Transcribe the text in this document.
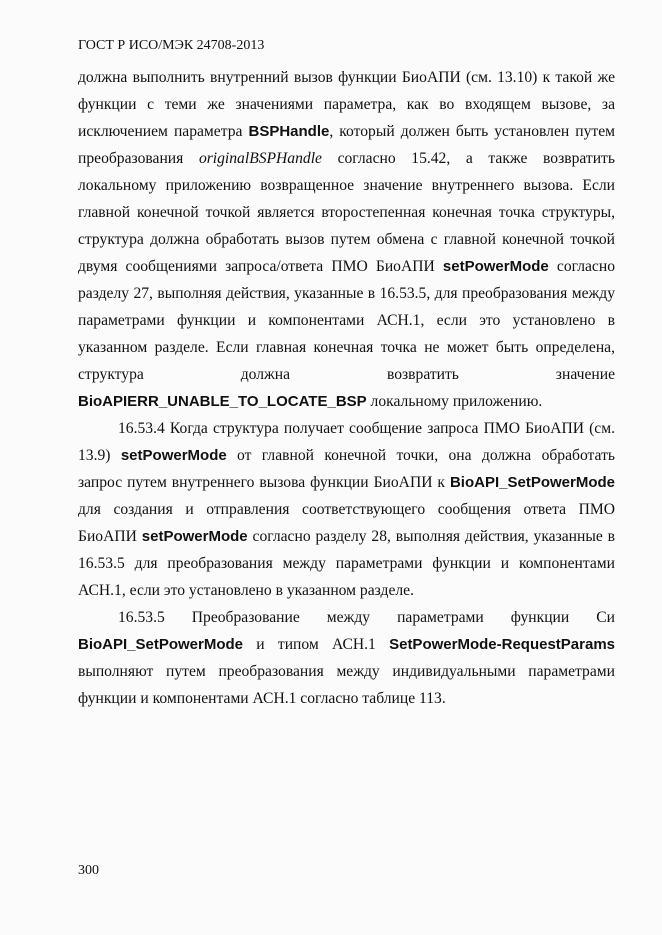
ГОСТ Р ИСО/МЭК 24708-2013
должна выполнить внутренний вызов функции БиоАПИ (см. 13.10) к такой же
функции с теми же значениями параметра, как во входящем вызове, за
исключением параметра BSPHandle, который должен быть установлен путем
преобразования originalBSPHandle согласно 15.42, а также возвратить
локальному приложению возвращенное значение внутреннего вызова. Если
главной конечной точкой является второстепенная конечная точка структуры,
структура должна обработать вызов путем обмена с главной конечной точкой
двумя сообщениями запроса/ответа ПМО БиоАПИ setPowerMode согласно
разделу 27, выполняя действия, указанные в 16.53.5, для преобразования между
параметрами функции и компонентами АСН.1, если это установлено в
указанном разделе. Если главная конечная точка не может быть определена,
структура должна возвратить значение
BioAPIERR_UNABLE_TO_LOCATE_BSP локальному приложению.
16.53.4 Когда структура получает сообщение запроса ПМО БиоАПИ (см.
13.9) setPowerMode от главной конечной точки, она должна обработать
запрос путем внутреннего вызова функции БиоАПИ к BioAPI_SetPowerMode
для создания и отправления соответствующего сообщения ответа ПМО
БиоАПИ setPowerMode согласно разделу 28, выполняя действия, указанные в
16.53.5 для преобразования между параметрами функции и компонентами
АСН.1, если это установлено в указанном разделе.
16.53.5 Преобразование между параметрами функции Си
BioAPI_SetPowerMode и типом АСН.1 SetPowerMode-RequestParams
выполняют путем преобразования между индивидуальными параметрами
функции и компонентами АСН.1 согласно таблице 113.
300
